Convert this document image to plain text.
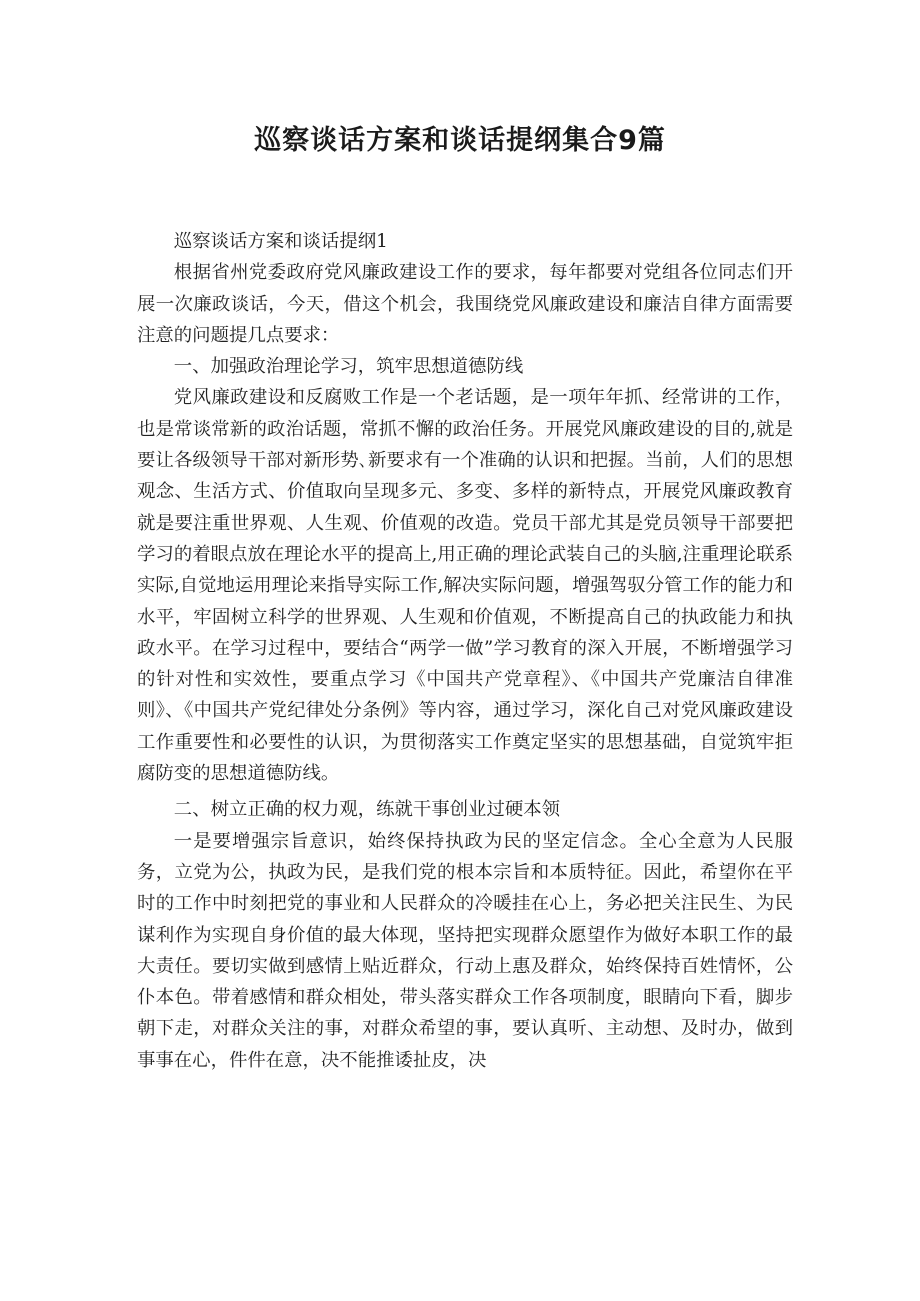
巡察谈话方案和谈话提纲集合9篇

巡察谈话方案和谈话提纲1

根据省州党委政府党风廉政建设工作的要求，每年都要对党组各位同志们开展一次廉政谈话，今天，借这个机会，我围绕党风廉政建设和廉洁自律方面需要注意的问题提几点要求：

一、加强政治理论学习，筑牢思想道德防线

党风廉政建设和反腐败工作是一个老话题，是一项年年抓、经常讲的工作，也是常谈常新的政治话题，常抓不懈的政治任务。开展党风廉政建设的目的,就是要让各级领导干部对新形势､新要求有一个准确的认识和把握。当前，人们的思想观念、生活方式、价值取向呈现多元、多变、多样的新特点，开展党风廉政教育就是要注重世界观、人生观、价值观的改造。党员干部尤其是党员领导干部要把学习的着眼点放在理论水平的提高上,用正确的理论武装自己的头脑,注重理论联系实际,自觉地运用理论来指导实际工作,解决实际问题，增强驾驭分管工作的能力和水平，牢固树立科学的世界观、人生观和价值观，不断提高自己的执政能力和执政水平。在学习过程中，要结合“两学一做”学习教育的深入开展，不断增强学习的针对性和实效性，要重点学习《中国共产党章程》、《中国共产党廉洁自律准则》、《中国共产党纪律处分条例》等内容，通过学习，深化自己对党风廉政建设工作重要性和必要性的认识，为贯彻落实工作奠定坚实的思想基础，自觉筑牢拒腐防变的思想道德防线。

二、树立正确的权力观，练就干事创业过硬本领

一是要增强宗旨意识，始终保持执政为民的坚定信念。全心全意为人民服务，立党为公，执政为民，是我们党的根本宗旨和本质特征。因此，希望你在平时的工作中时刻把党的事业和人民群众的冷暖挂在心上，务必把关注民生、为民谋利作为实现自身价值的最大体现，坚持把实现群众愿望作为做好本职工作的最大责任。要切实做到感情上贴近群众，行动上惠及群众，始终保持百姓情怀，公仆本色。带着感情和群众相处，带头落实群众工作各项制度，眼睛向下看，脚步朝下走，对群众关注的事，对群众希望的事，要认真听、主动想、及时办，做到事事在心，件件在意，决不能推诿扯皮，决
